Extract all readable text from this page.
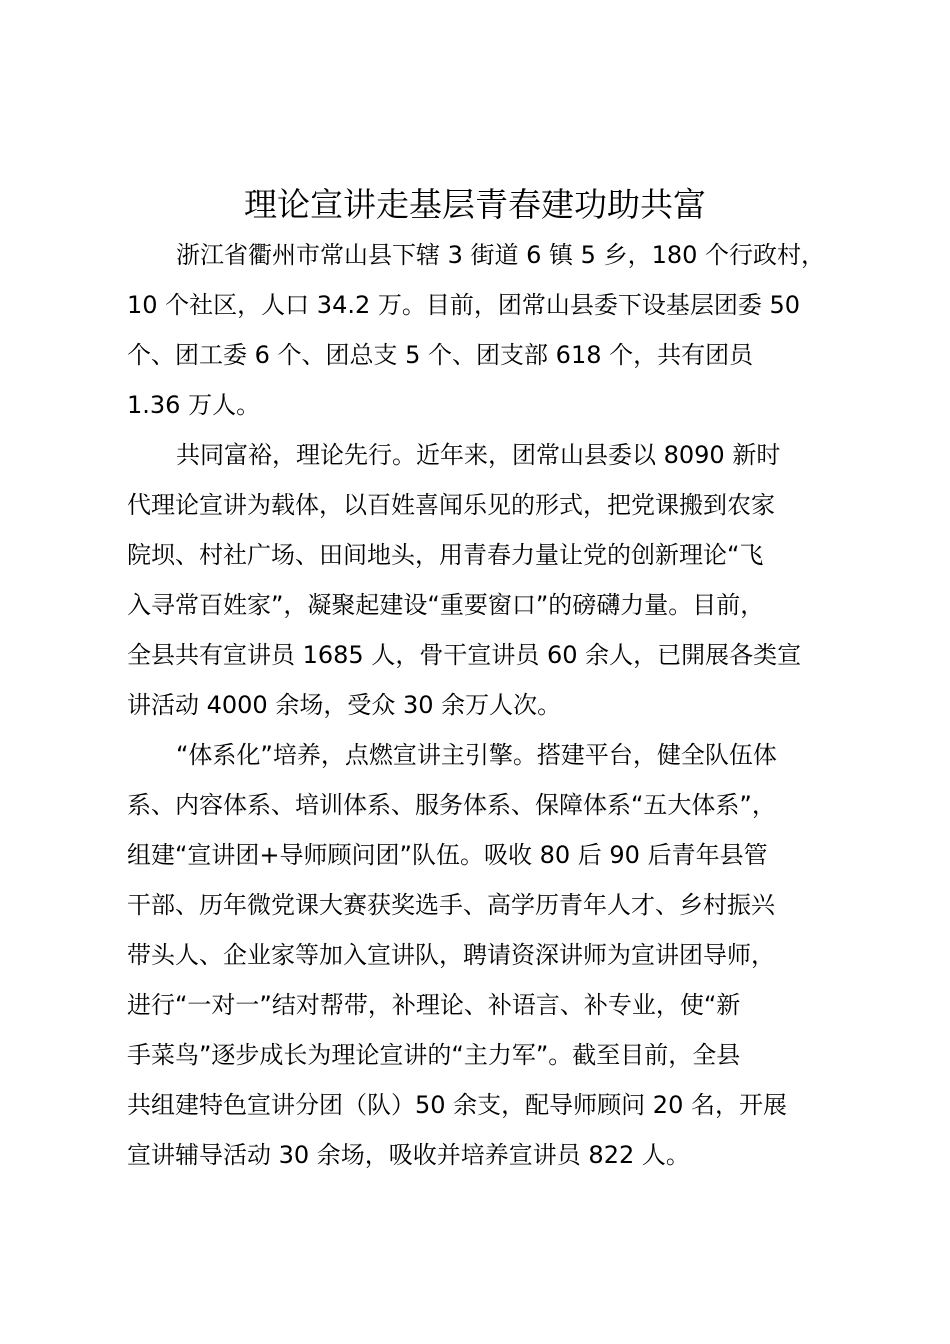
理论宣讲走基层青春建功助共富
浙江省衢州市常山县下辖 3 街道 6 镇 5 乡，180 个行政村，
10 个社区，人口 34.2 万。目前，团常山县委下设基层团委 50
个、团工委 6 个、团总支 5 个、团支部 618 个，共有团员
1.36 万人。
共同富裕，理论先行。近年来，团常山县委以 8090 新时
代理论宣讲为载体，以百姓喜闻乐见的形式，把党课搬到农家
院坝、村社广场、田间地头，用青春力量让党的创新理论“飞
入寻常百姓家”，凝聚起建设“重要窗口”的磅礴力量。目前，
全县共有宣讲员 1685 人，骨干宣讲员 60 余人，已開展各类宣
讲活动 4000 余场，受众 30 余万人次。
“体系化”培养，点燃宣讲主引擎。搭建平台，健全队伍体
系、内容体系、培训体系、服务体系、保障体系“五大体系”，
组建“宣讲团+导师顾问团”队伍。吸收 80 后 90 后青年县管
干部、历年微党课大赛获奖选手、高学历青年人才、乡村振兴
带头人、企业家等加入宣讲队，聘请资深讲师为宣讲团导师，
进行“一对一”结对帮带，补理论、补语言、补专业，使“新
手菜鸟”逐步成长为理论宣讲的“主力军”。截至目前，全县
共组建特色宣讲分团（队）50 余支，配导师顾问 20 名，开展
宣讲辅导活动 30 余场，吸收并培养宣讲员 822 人。
